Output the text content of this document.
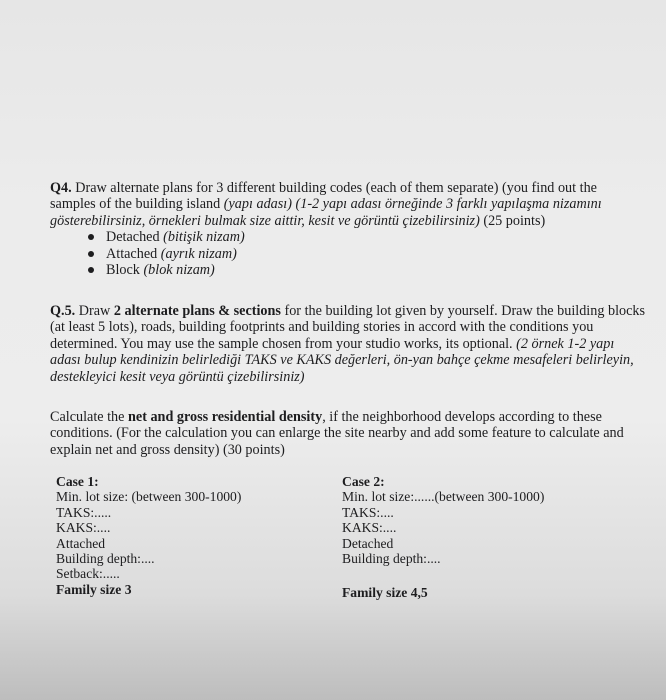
Q4. Draw alternate plans for 3 different building codes (each of them separate) (you find out the samples of the building island (yapı adası) (1-2 yapı adası örneğinde 3 farklı yapılaşma nizamını gösterebilirsiniz, örnekleri bulmak size aittir, kesit ve görüntü çizebilirsiniz) (25 points)

Detached (bitişik nizam)
Attached (ayrık nizam)
Block (blok nizam)

Q.5. Draw 2 alternate plans & sections for the building lot given by yourself. Draw the building blocks (at least 5 lots), roads, building footprints and building stories in accord with the conditions you determined. You may use the sample chosen from your studio works, its optional. (2 örnek 1-2 yapı adası bulup kendinizin belirlediği TAKS ve KAKS değerleri, ön-yan bahçe çekme mesafeleri belirleyin, destekleyici kesit veya görüntü çizebilirsiniz)

Calculate the net and gross residential density, if the neighborhood develops according to these conditions. (For the calculation you can enlarge the site nearby and add some feature to calculate and explain net and gross density) (30 points)

Case 1:
Min. lot size: (between 300-1000)
TAKS:.....
KAKS:....
Attached
Building depth:....
Setback:.....
Family size 3
Case 2:
Min. lot size:......(between 300-1000)
TAKS:....
KAKS:....
Detached
Building depth:....
Family size 4,5
